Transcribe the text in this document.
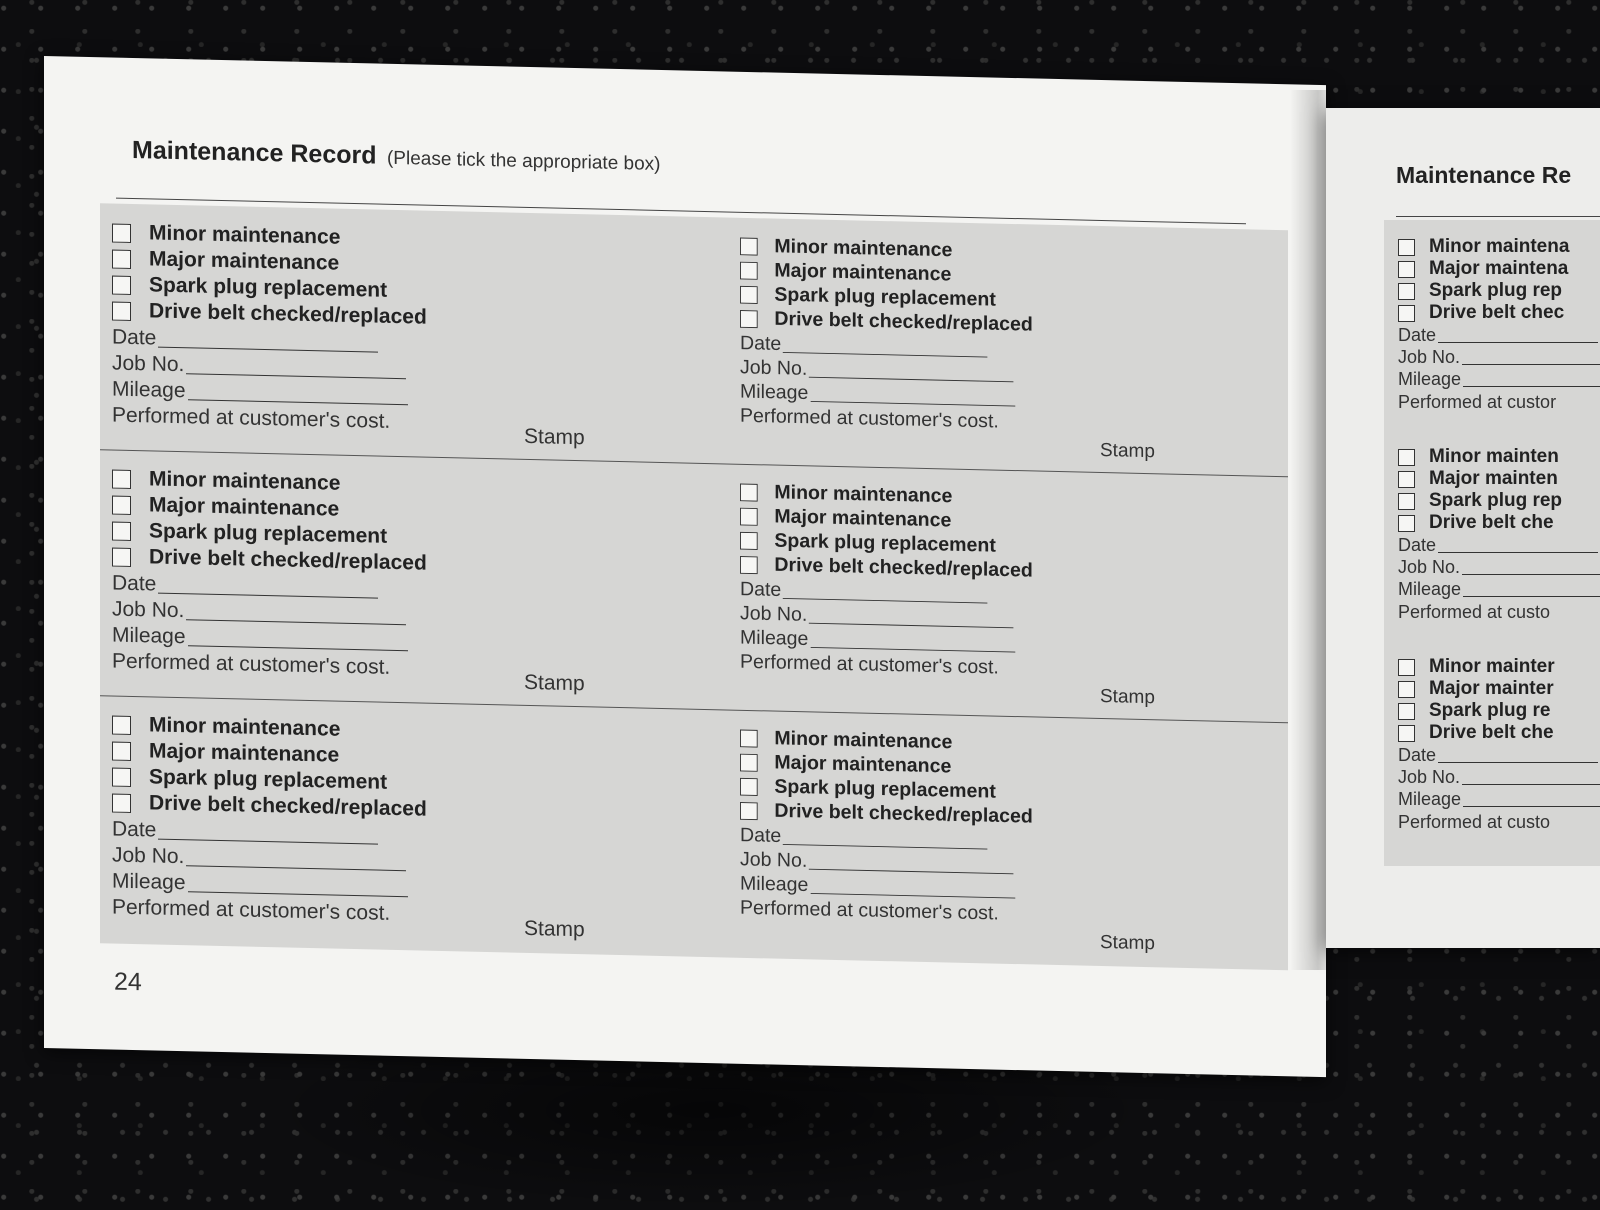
Maintenance Record (Please tick the appropriate box)
Minor maintenance
Major maintenance
Spark plug replacement
Drive belt checked/replaced
Date
Job No.
Mileage
Performed at customer's cost.
Stamp
Minor maintenance
Major maintenance
Spark plug replacement
Drive belt checked/replaced
Date
Job No.
Mileage
Performed at customer's cost.
Stamp
Minor maintenance
Major maintenance
Spark plug replacement
Drive belt checked/replaced
Date
Job No.
Mileage
Performed at customer's cost.
Stamp
Minor maintenance
Major maintenance
Spark plug replacement
Drive belt checked/replaced
Date
Job No.
Mileage
Performed at customer's cost.
Stamp
Minor maintenance
Major maintenance
Spark plug replacement
Drive belt checked/replaced
Date
Job No.
Mileage
Performed at customer's cost.
Stamp
Minor maintenance
Major maintenance
Spark plug replacement
Drive belt checked/replaced
Date
Job No.
Mileage
Performed at customer's cost.
Stamp
24
Maintenance Re
Minor maintena
Major maintena
Spark plug rep
Drive belt chec
Date
Job No.
Mileage
Performed at custor
Minor mainten
Major mainten
Spark plug rep
Drive belt che
Date
Job No.
Mileage
Performed at custo
Minor mainter
Major mainter
Spark plug re
Drive belt che
Date
Job No.
Mileage
Performed at custo
